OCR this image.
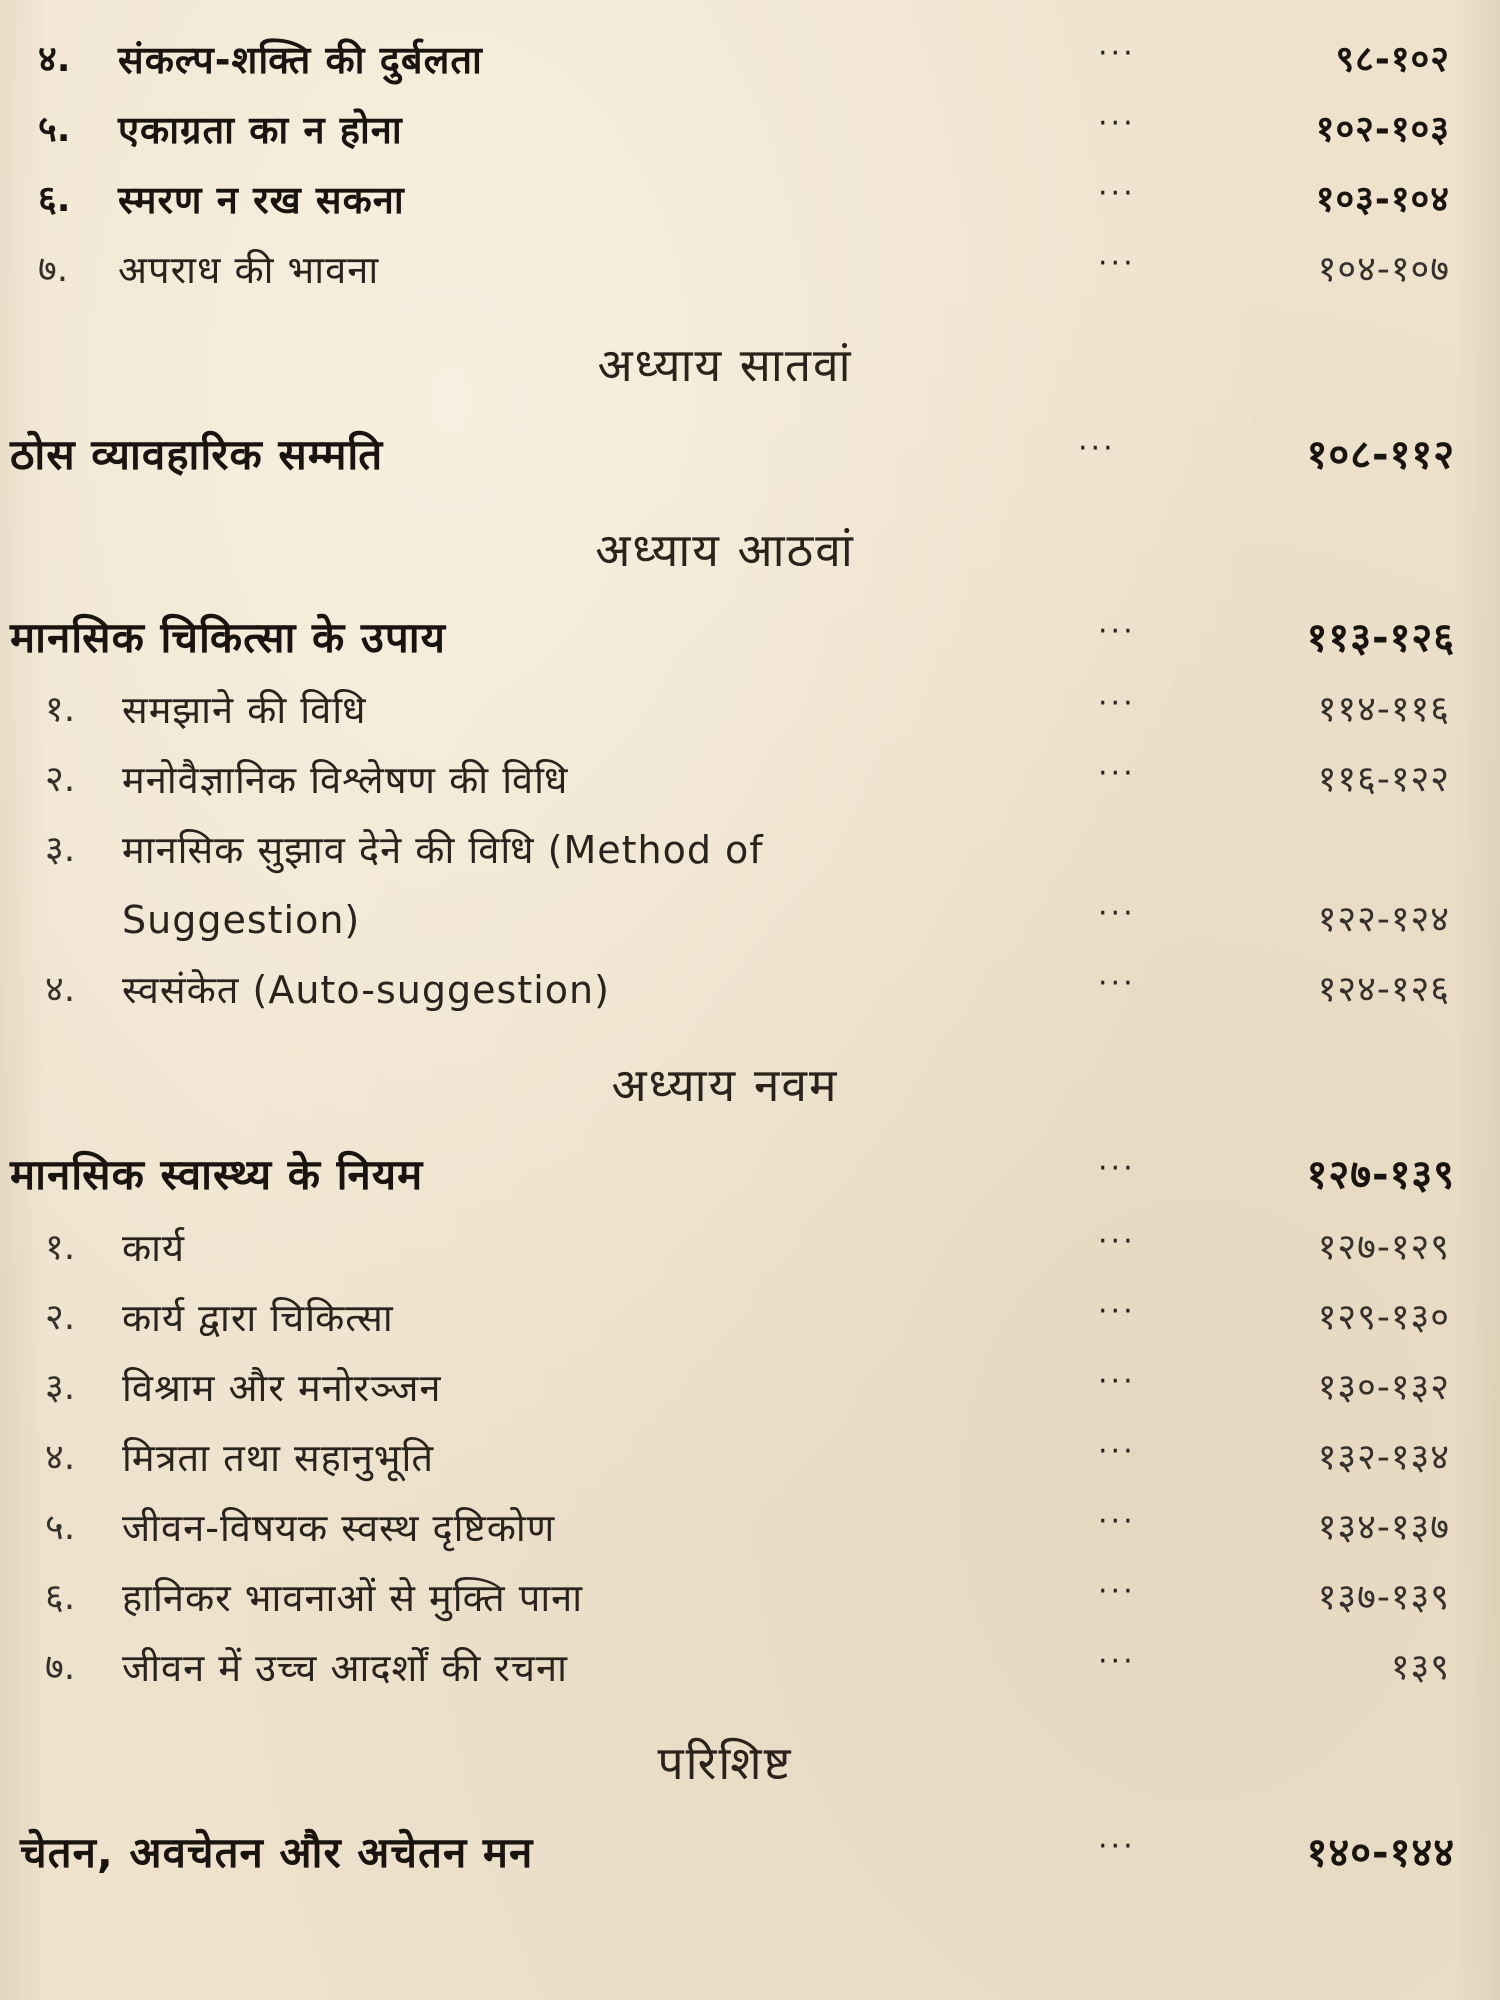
४. संकल्प-शक्ति की दुर्बलता	···	९८-१०२
५. एकाग्रता का न होना	···	१०२-१०३
६. स्मरण न रख सकना	···	१०३-१०४
७. अपराध की भावना	···	१०४-१०७
अध्याय सातवां
ठोस व्यावहारिक सम्मति	···	१०८-११२
अध्याय आठवां
मानसिक चिकित्सा के उपाय	···	११३-१२६
१. समझाने की विधि	···	११४-११६
२. मनोवैज्ञानिक विश्लेषण की विधि	···	११६-१२२
३. मानसिक सुझाव देने की विधि (Method of
Suggestion)	···	१२२-१२४
४. स्वसंकेत (Auto-suggestion)	···	१२४-१२६
अध्याय नवम
मानसिक स्वास्थ्य के नियम	···	१२७-१३९
१. कार्य	···	१२७-१२९
२. कार्य द्वारा चिकित्सा	···	१२९-१३०
३. विश्राम और मनोरञ्जन	···	१३०-१३२
४. मित्रता तथा सहानुभूति	···	१३२-१३४
५. जीवन-विषयक स्वस्थ दृष्टिकोण	···	१३४-१३७
६. हानिकर भावनाओं से मुक्ति पाना	···	१३७-१३९
७. जीवन में उच्च आदर्शों की रचना	···	१३९
परिशिष्ट
चेतन, अवचेतन और अचेतन मन	···	१४०-१४४
